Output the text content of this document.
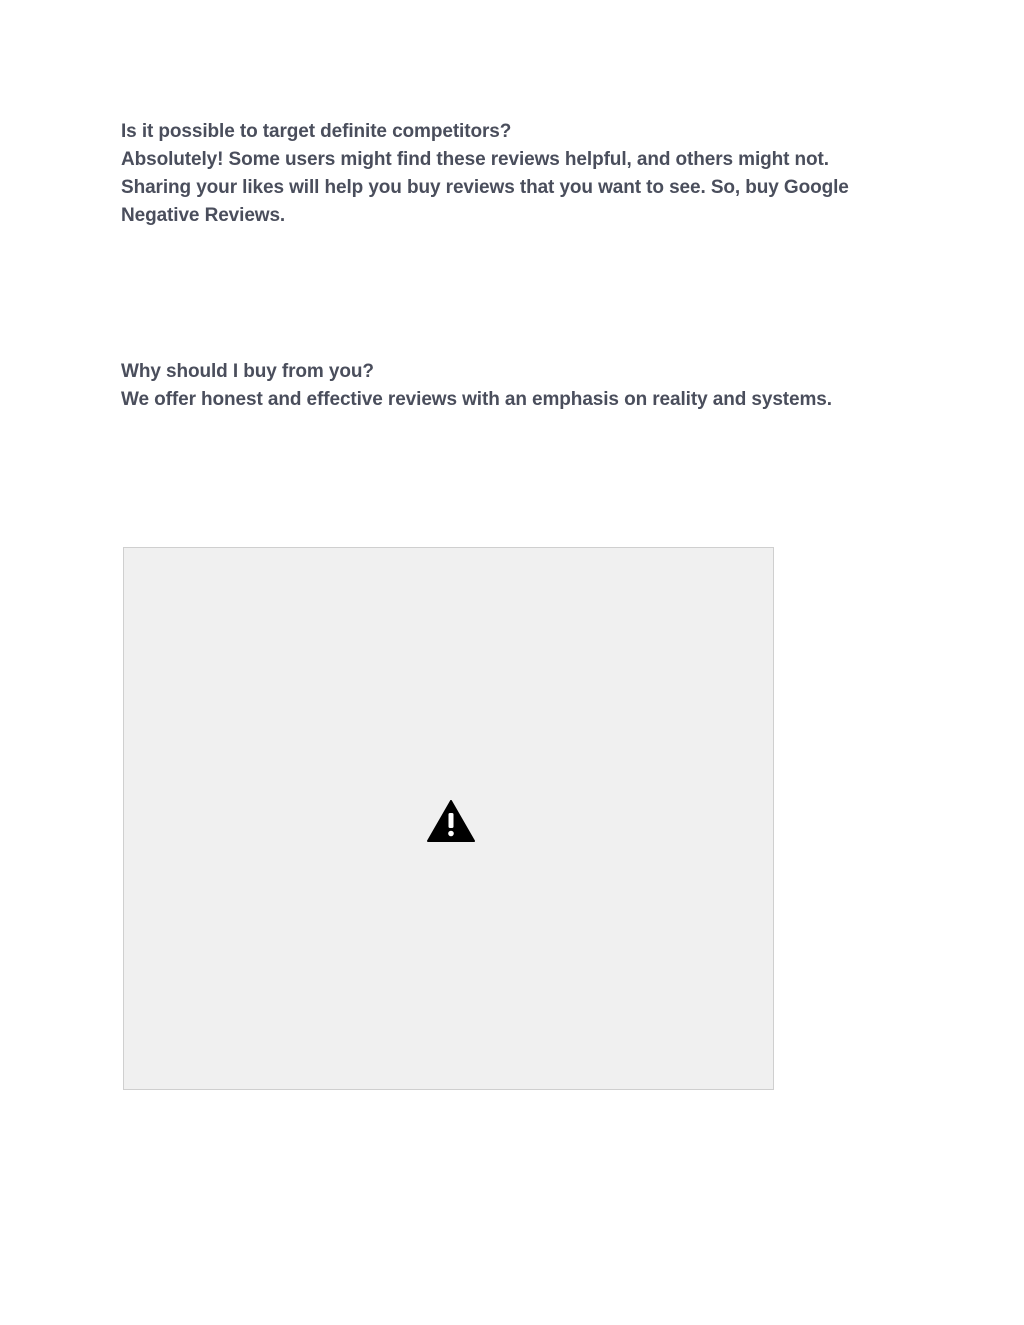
Is it possible to target definite competitors?

Absolutely! Some users might find these reviews helpful, and others might not. Sharing your likes will help you buy reviews that you want to see. So, buy Google Negative Reviews.

Why should I buy from you?

We offer honest and effective reviews with an emphasis on reality and systems.
